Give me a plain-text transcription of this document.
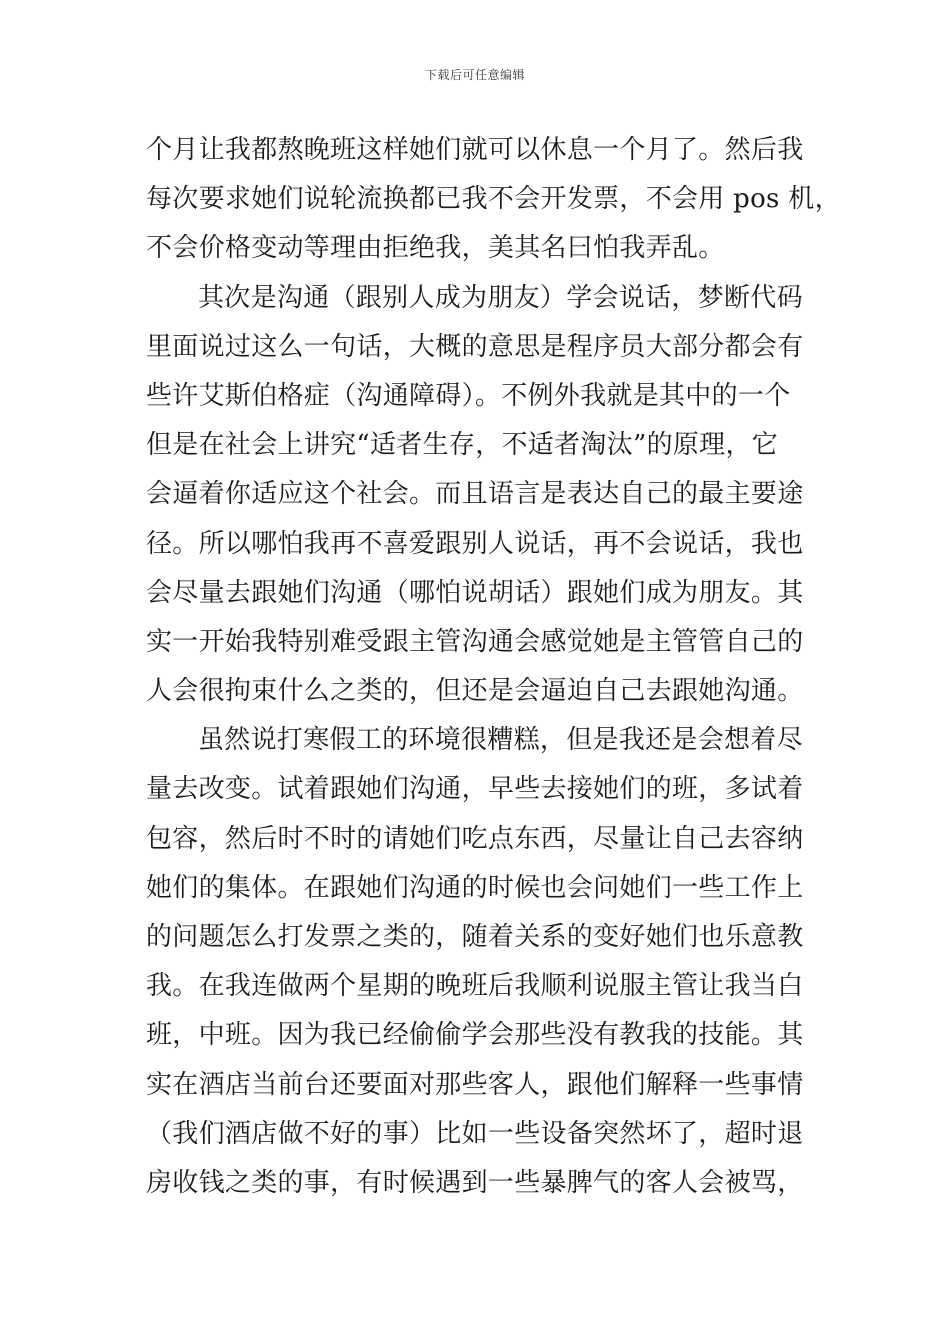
下载后可任意编辑
个月让我都熬晚班这样她们就可以休息一个月了。然后我
每次要求她们说轮流换都已我不会开发票，不会用 pos 机，
不会价格变动等理由拒绝我，美其名曰怕我弄乱。
其次是沟通（跟别人成为朋友）学会说话，梦断代码
里面说过这么一句话，大概的意思是程序员大部分都会有
些许艾斯伯格症（沟通障碍）。不例外我就是其中的一个
但是在社会上讲究“适者生存，不适者淘汰”的原理，它
会逼着你适应这个社会。而且语言是表达自己的最主要途
径。所以哪怕我再不喜爱跟别人说话，再不会说话，我也
会尽量去跟她们沟通（哪怕说胡话）跟她们成为朋友。其
实一开始我特别难受跟主管沟通会感觉她是主管管自己的
人会很拘束什么之类的，但还是会逼迫自己去跟她沟通。
虽然说打寒假工的环境很糟糕，但是我还是会想着尽
量去改变。试着跟她们沟通，早些去接她们的班，多试着
包容，然后时不时的请她们吃点东西，尽量让自己去容纳
她们的集体。在跟她们沟通的时候也会问她们一些工作上
的问题怎么打发票之类的，随着关系的变好她们也乐意教
我。在我连做两个星期的晚班后我顺利说服主管让我当白
班，中班。因为我已经偷偷学会那些没有教我的技能。其
实在酒店当前台还要面对那些客人，跟他们解释一些事情
（我们酒店做不好的事）比如一些设备突然坏了，超时退
房收钱之类的事，有时候遇到一些暴脾气的客人会被骂，
